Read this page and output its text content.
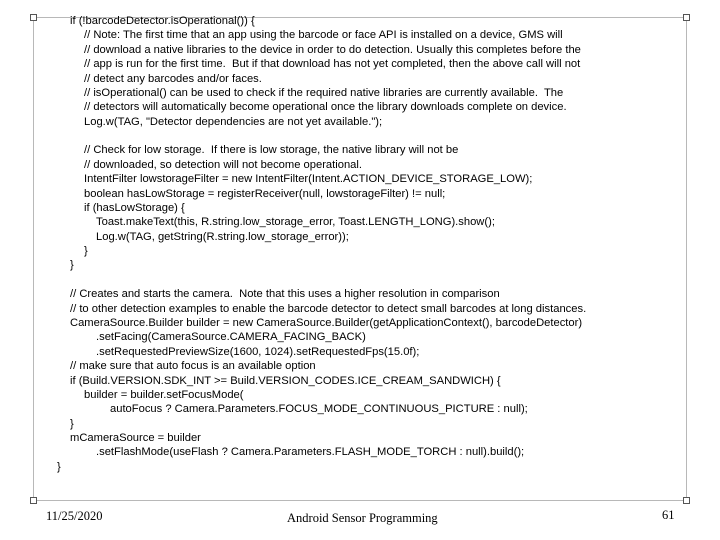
if (!barcodeDetector.isOperational()) {
// Note: The first time that an app using the barcode or face API is installed on a device, GMS will
// download a native libraries to the device in order to do detection. Usually this completes before the
// app is run for the first time.  But if that download has not yet completed, then the above call will not
// detect any barcodes and/or faces.
// isOperational() can be used to check if the required native libraries are currently available.  The
// detectors will automatically become operational once the library downloads complete on device.
Log.w(TAG, "Detector dependencies are not yet available.");
// Check for low storage.  If there is low storage, the native library will not be
// downloaded, so detection will not become operational.
IntentFilter lowstorageFilter = new IntentFilter(Intent.ACTION_DEVICE_STORAGE_LOW);
boolean hasLowStorage = registerReceiver(null, lowstorageFilter) != null;
if (hasLowStorage) {
Toast.makeText(this, R.string.low_storage_error, Toast.LENGTH_LONG).show();
Log.w(TAG, getString(R.string.low_storage_error));
}
}
// Creates and starts the camera.  Note that this uses a higher resolution in comparison
// to other detection examples to enable the barcode detector to detect small barcodes at long distances.
CameraSource.Builder builder = new CameraSource.Builder(getApplicationContext(), barcodeDetector)
.setFacing(CameraSource.CAMERA_FACING_BACK)
.setRequestedPreviewSize(1600, 1024).setRequestedFps(15.0f);
// make sure that auto focus is an available option
if (Build.VERSION.SDK_INT >= Build.VERSION_CODES.ICE_CREAM_SANDWICH) {
builder = builder.setFocusMode(
autoFocus ? Camera.Parameters.FOCUS_MODE_CONTINUOUS_PICTURE : null);
}
mCameraSource = builder
.setFlashMode(useFlash ? Camera.Parameters.FLASH_MODE_TORCH : null).build();
}
11/25/2020	Android Sensor Programming	61
